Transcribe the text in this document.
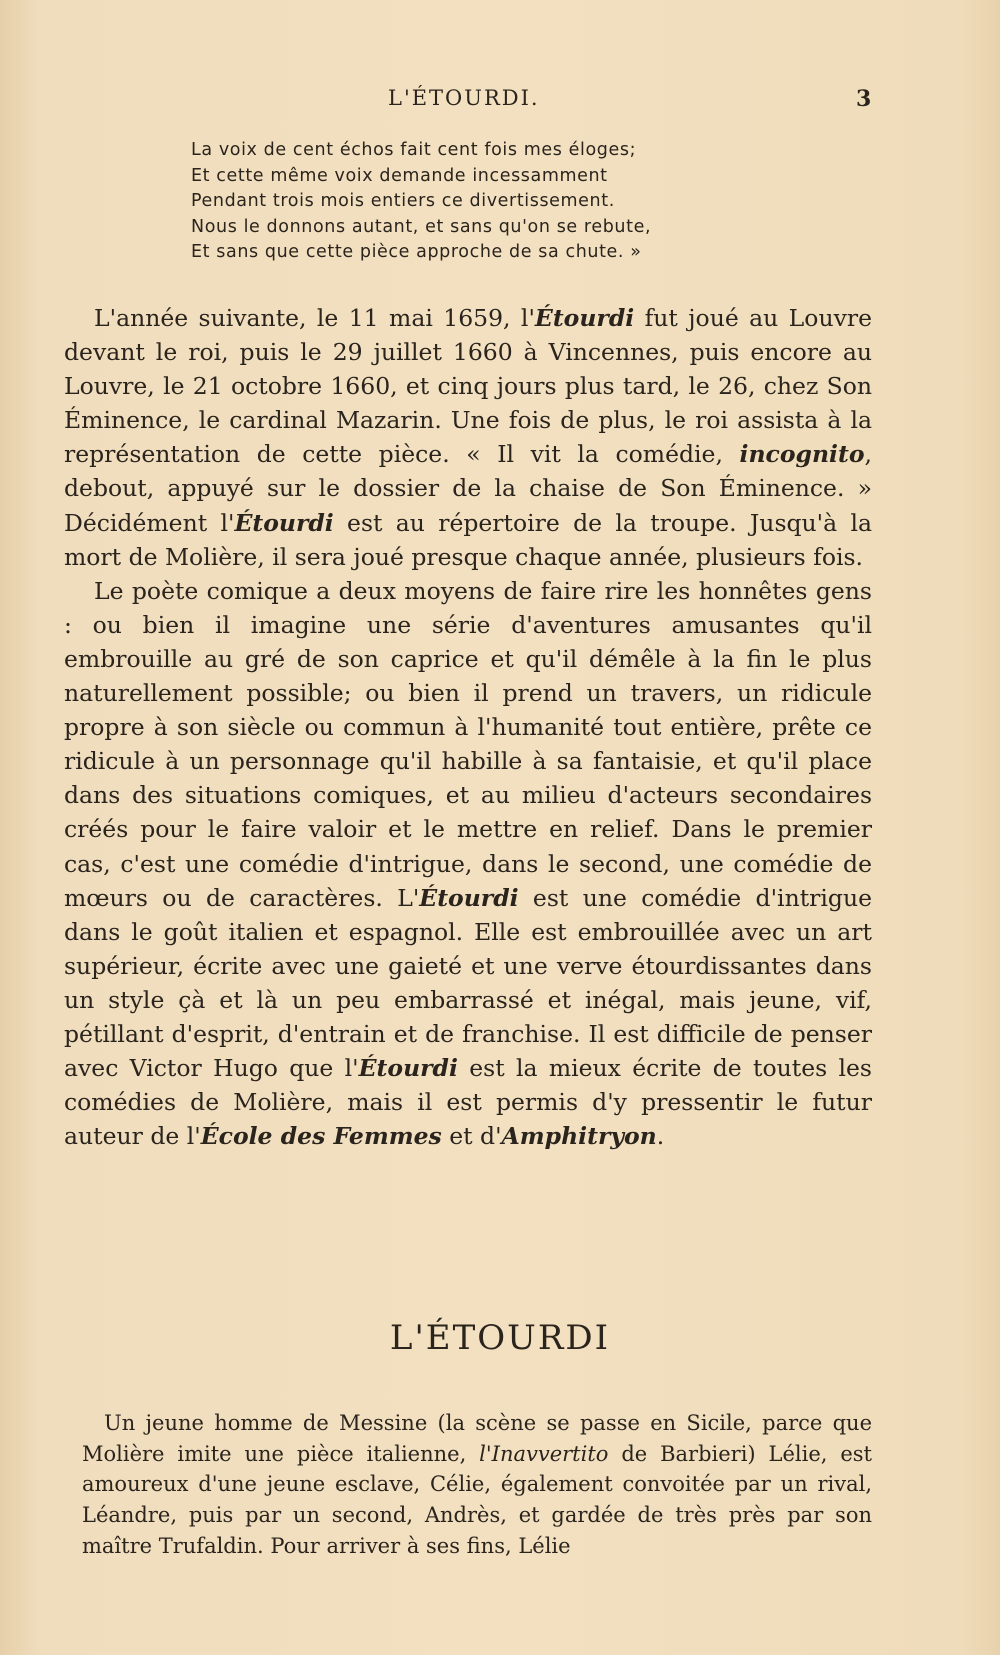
L'ÉTOURDI.	3
La voix de cent échos fait cent fois mes éloges;
Et cette même voix demande incessamment
Pendant trois mois entiers ce divertissement.
Nous le donnons autant, et sans qu'on se rebute,
Et sans que cette pièce approche de sa chute. »

L'année suivante, le 11 mai 1659, l'Étourdi fut joué au Louvre devant le roi, puis le 29 juillet 1660 à Vincennes, puis encore au Louvre, le 21 octobre 1660, et cinq jours plus tard, le 26, chez Son Éminence, le cardinal Mazarin. Une fois de plus, le roi assista à la représentation de cette pièce. « Il vit la comédie, incognito, debout, appuyé sur le dossier de la chaise de Son Éminence. » Décidément l'Étourdi est au répertoire de la troupe. Jusqu'à la mort de Molière, il sera joué presque chaque année, plusieurs fois.

Le poète comique a deux moyens de faire rire les honnêtes gens : ou bien il imagine une série d'aventures amusantes qu'il embrouille au gré de son caprice et qu'il démêle à la fin le plus naturellement possible; ou bien il prend un travers, un ridicule propre à son siècle ou commun à l'humanité tout entière, prête ce ridicule à un personnage qu'il habille à sa fantaisie, et qu'il place dans des situations comiques, et au milieu d'acteurs secondaires créés pour le faire valoir et le mettre en relief. Dans le premier cas, c'est une comédie d'intrigue, dans le second, une comédie de mœurs ou de caractères. L'Étourdi est une comédie d'intrigue dans le goût italien et espagnol. Elle est embrouillée avec un art supérieur, écrite avec une gaieté et une verve étourdissantes dans un style çà et là un peu embarrassé et inégal, mais jeune, vif, pétillant d'esprit, d'entrain et de franchise. Il est difficile de penser avec Victor Hugo que l'Étourdi est la mieux écrite de toutes les comédies de Molière, mais il est permis d'y pressentir le futur auteur de l'École des Femmes et d'Amphitryon.

L'ÉTOURDI

Un jeune homme de Messine (la scène se passe en Sicile, parce que Molière imite une pièce italienne, l'Inavvertito de Barbieri) Lélie, est amoureux d'une jeune esclave, Célie, également convoitée par un rival, Léandre, puis par un second, Andrès, et gardée de très près par son maître Trufaldin. Pour arriver à ses fins, Lélie
